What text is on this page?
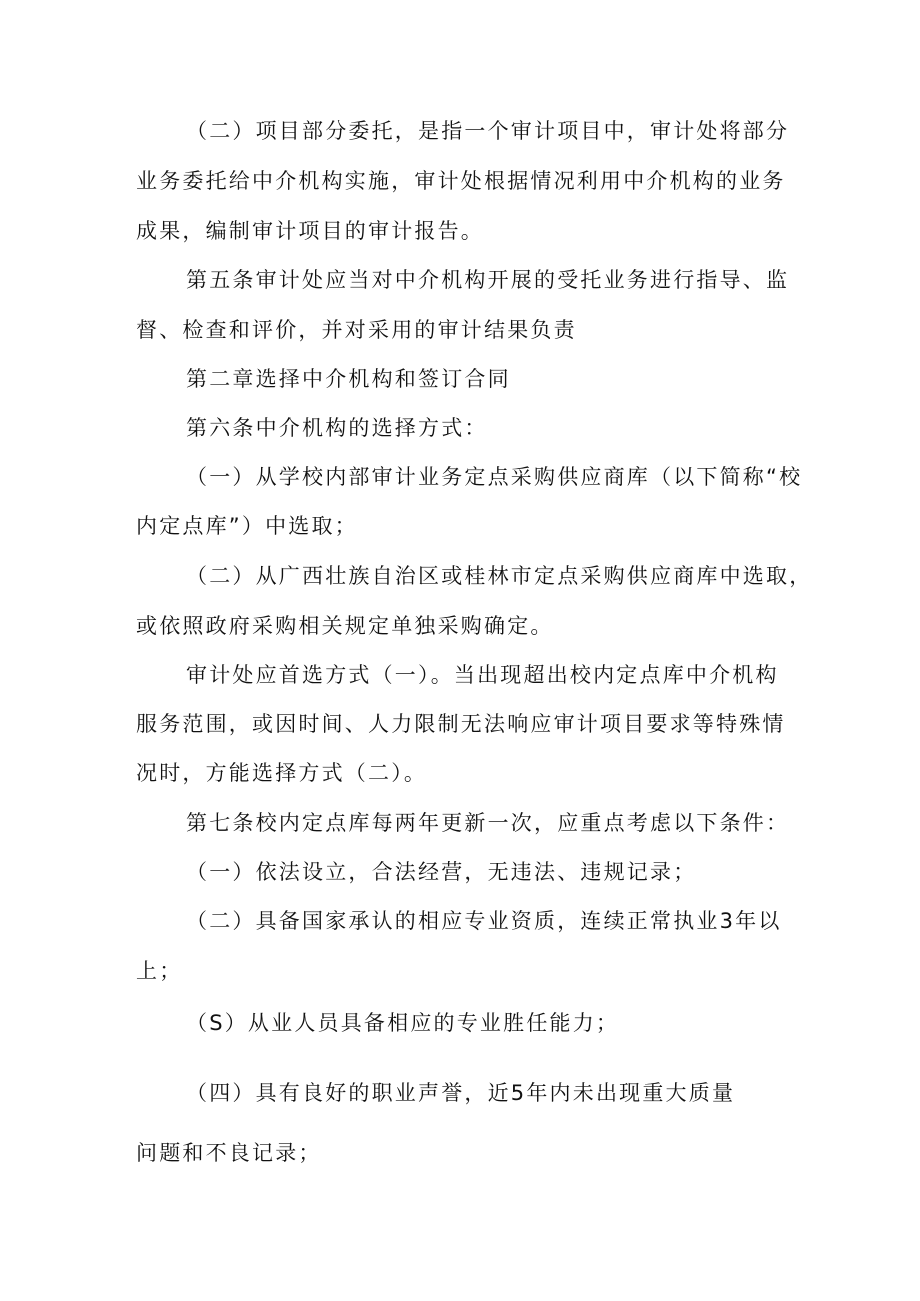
（二）项目部分委托，是指一个审计项目中，审计处将部分
业务委托给中介机构实施，审计处根据情况利用中介机构的业务
成果，编制审计项目的审计报告。
第五条审计处应当对中介机构开展的受托业务进行指导、监
督、检查和评价，并对采用的审计结果负责
第二章选择中介机构和签订合同
第六条中介机构的选择方式：
（一）从学校内部审计业务定点采购供应商库（以下简称“校
内定点库”）中选取；
（二）从广西壮族自治区或桂林市定点采购供应商库中选取，
或依照政府采购相关规定单独采购确定。
审计处应首选方式（一）。当出现超出校内定点库中介机构
服务范围，或因时间、人力限制无法响应审计项目要求等特殊情
况时，方能选择方式（二）。
第七条校内定点库每两年更新一次，应重点考虑以下条件：
（一）依法设立，合法经营，无违法、违规记录；
（二）具备国家承认的相应专业资质，连续正常执业3年以
上；
（S）从业人员具备相应的专业胜任能力；
（四）具有良好的职业声誉，近5年内未出现重大质量
问题和不良记录；
